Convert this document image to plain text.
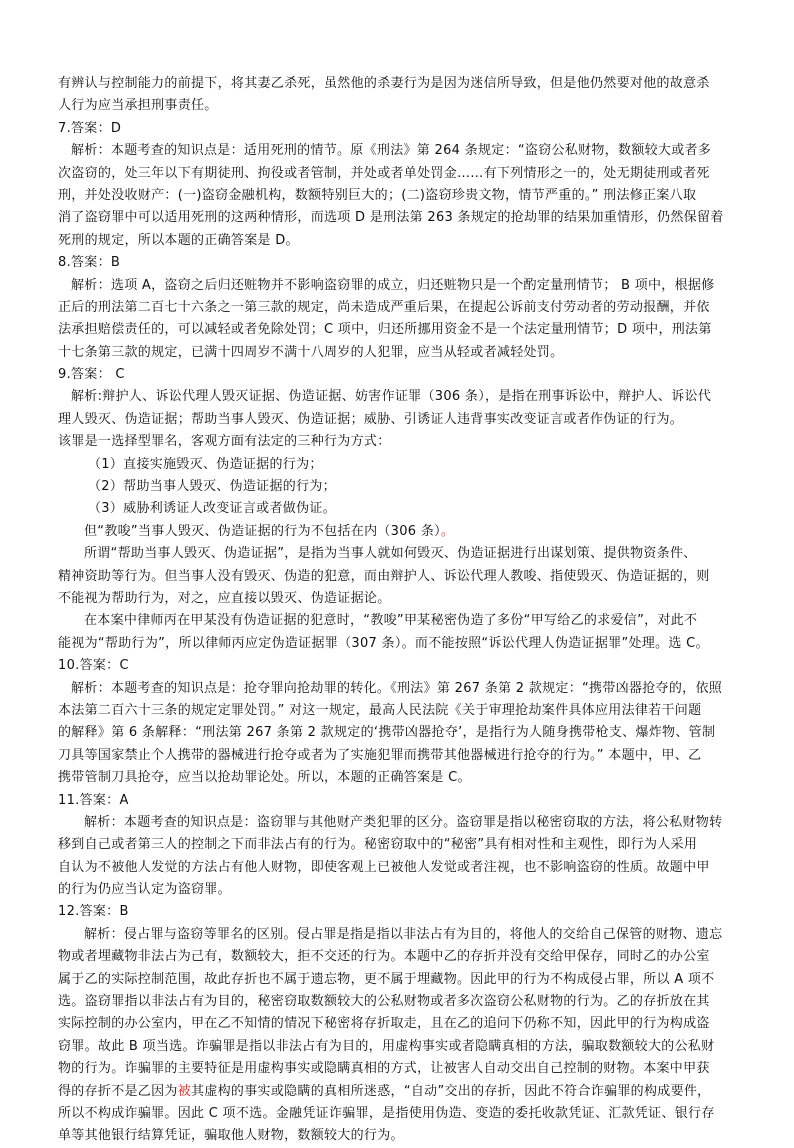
有辨认与控制能力的前提下，将其妻乙杀死，虽然他的杀妻行为是因为迷信所导致，但是他仍然要对他的故意杀
人行为应当承担刑事责任。
7.答案：D
解析：本题考查的知识点是：适用死刑的情节。原《刑法》第 264 条规定：“盗窃公私财物，数额较大或者多
次盗窃的，处三年以下有期徒刑、拘役或者管制，并处或者单处罚金……有下列情形之一的，处无期徒刑或者死
刑，并处没收财产：(一)盗窃金融机构，数额特别巨大的；(二)盗窃珍贵文物，情节严重的。” 刑法修正案八取
消了盗窃罪中可以适用死刑的这两种情形，而选项 D 是刑法第 263 条规定的抢劫罪的结果加重情形，仍然保留着
死刑的规定，所以本题的正确答案是 D。
8.答案：B
解析：选项 A，盗窃之后归还赃物并不影响盗窃罪的成立，归还赃物只是一个酌定量刑情节； B 项中，根据修
正后的刑法第二百七十六条之一第三款的规定，尚未造成严重后果，在提起公诉前支付劳动者的劳动报酬，并依
法承担赔偿责任的，可以减轻或者免除处罚；C 项中，归还所挪用资金不是一个法定量刑情节；D 项中，刑法第
十七条第三款的规定，已满十四周岁不满十八周岁的人犯罪，应当从轻或者减轻处罚。
9.答案： C
解析:辩护人、诉讼代理人毁灭证据、伪造证据、妨害作证罪（306 条），是指在刑事诉讼中，辩护人、诉讼代
理人毁灭、伪造证据；帮助当事人毁灭、伪造证据；威胁、引诱证人违背事实改变证言或者作伪证的行为。
该罪是一选择型罪名，客观方面有法定的三种行为方式：
（1）直接实施毁灭、伪造证据的行为；
（2）帮助当事人毁灭、伪造证据的行为；
（3）威胁利诱证人改变证言或者做伪证。
但“教唆”当事人毁灭、伪造证据的行为不包括在内（306 条）。
所谓“帮助当事人毁灭、伪造证据”，是指为当事人就如何毁灭、伪造证据进行出谋划策、提供物资条件、
精神资助等行为。但当事人没有毁灭、伪造的犯意，而由辩护人、诉讼代理人教唆、指使毁灭、伪造证据的，则
不能视为帮助行为，对之，应直接以毁灭、伪造证据论。
在本案中律师丙在甲某没有伪造证据的犯意时，“教唆”甲某秘密伪造了多份“甲写给乙的求爱信”，对此不
能视为“帮助行为”，所以律师丙应定伪造证据罪（307 条）。而不能按照“诉讼代理人伪造证据罪”处理。选 C。
10.答案：C
解析：本题考查的知识点是：抢夺罪向抢劫罪的转化。《刑法》第 267 条第 2 款规定：“携带凶器抢夺的，依照
本法第二百六十三条的规定定罪处罚。” 对这一规定，最高人民法院《关于审理抢劫案件具体应用法律若干问题
的解释》第 6 条解释：“刑法第 267 条第 2 款规定的‘携带凶器抢夺’，是指行为人随身携带枪支、爆炸物、管制
刀具等国家禁止个人携带的器械进行抢夺或者为了实施犯罪而携带其他器械进行抢夺的行为。” 本题中，甲、乙
携带管制刀具抢夺，应当以抢劫罪论处。所以，本题的正确答案是 C。
11.答案：A
解析：本题考查的知识点是：盗窃罪与其他财产类犯罪的区分。盗窃罪是指以秘密窃取的方法，将公私财物转
移到自己或者第三人的控制之下而非法占有的行为。秘密窃取中的“秘密”具有相对性和主观性，即行为人采用
自认为不被他人发觉的方法占有他人财物，即使客观上已被他人发觉或者注视，也不影响盗窃的性质。故题中甲
的行为仍应当认定为盗窃罪。
12.答案：B
解析：侵占罪与盗窃等罪名的区别。侵占罪是指是指以非法占有为目的，将他人的交给自己保管的财物、遗忘
物或者埋藏物非法占为己有，数额较大，拒不交还的行为。本题中乙的存折并没有交给甲保存，同时乙的办公室
属于乙的实际控制范围，故此存折也不属于遗忘物，更不属于埋藏物。因此甲的行为不构成侵占罪，所以 A 项不
选。盗窃罪指以非法占有为目的，秘密窃取数额较大的公私财物或者多次盗窃公私财物的行为。乙的存折放在其
实际控制的办公室内，甲在乙不知情的情况下秘密将存折取走，且在乙的追问下仍称不知，因此甲的行为构成盗
窃罪。故此 B 项当选。诈骗罪是指以非法占有为目的，用虚构事实或者隐瞒真相的方法，骗取数额较大的公私财
物的行为。诈骗罪的主要特征是用虚构事实或隐瞒真相的方式，让被害人自动交出自己控制的财物。本案中甲获
得的存折不是乙因为被其虚构的事实或隐瞒的真相所迷惑，“自动”交出的存折，因此不符合诈骗罪的构成要件，
所以不构成诈骗罪。因此 C 项不选。金融凭证诈骗罪，是指使用伪造、变造的委托收款凭证、汇款凭证、银行存
单等其他银行结算凭证，骗取他人财物，数额较大的行为。
